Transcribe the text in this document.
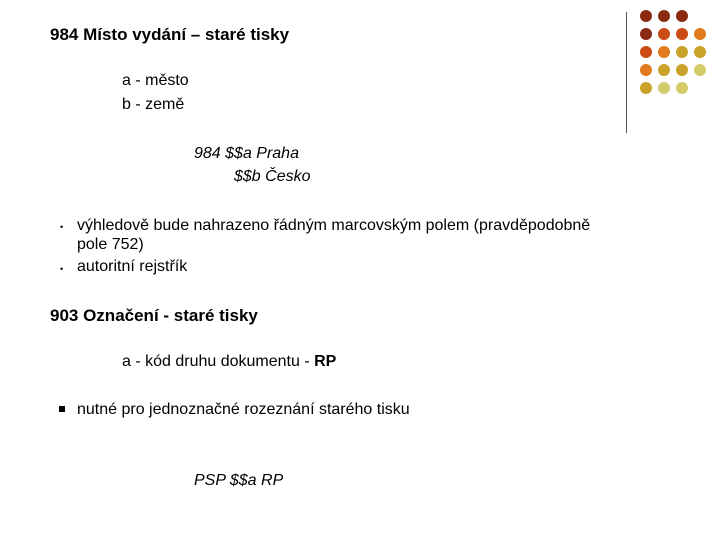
984 Místo vydání – staré tisky
a - město
b - země
984 $$a Praha
$$b Česko
• výhledově bude nahrazeno řádným marcovským polem (pravděpodobně
pole 752)
• autoritní rejstřík
903 Označení - staré tisky
a - kód druhu dokumentu - RP
nutné pro jednoznačné rozeznání starého tisku
PSP $$a RP
